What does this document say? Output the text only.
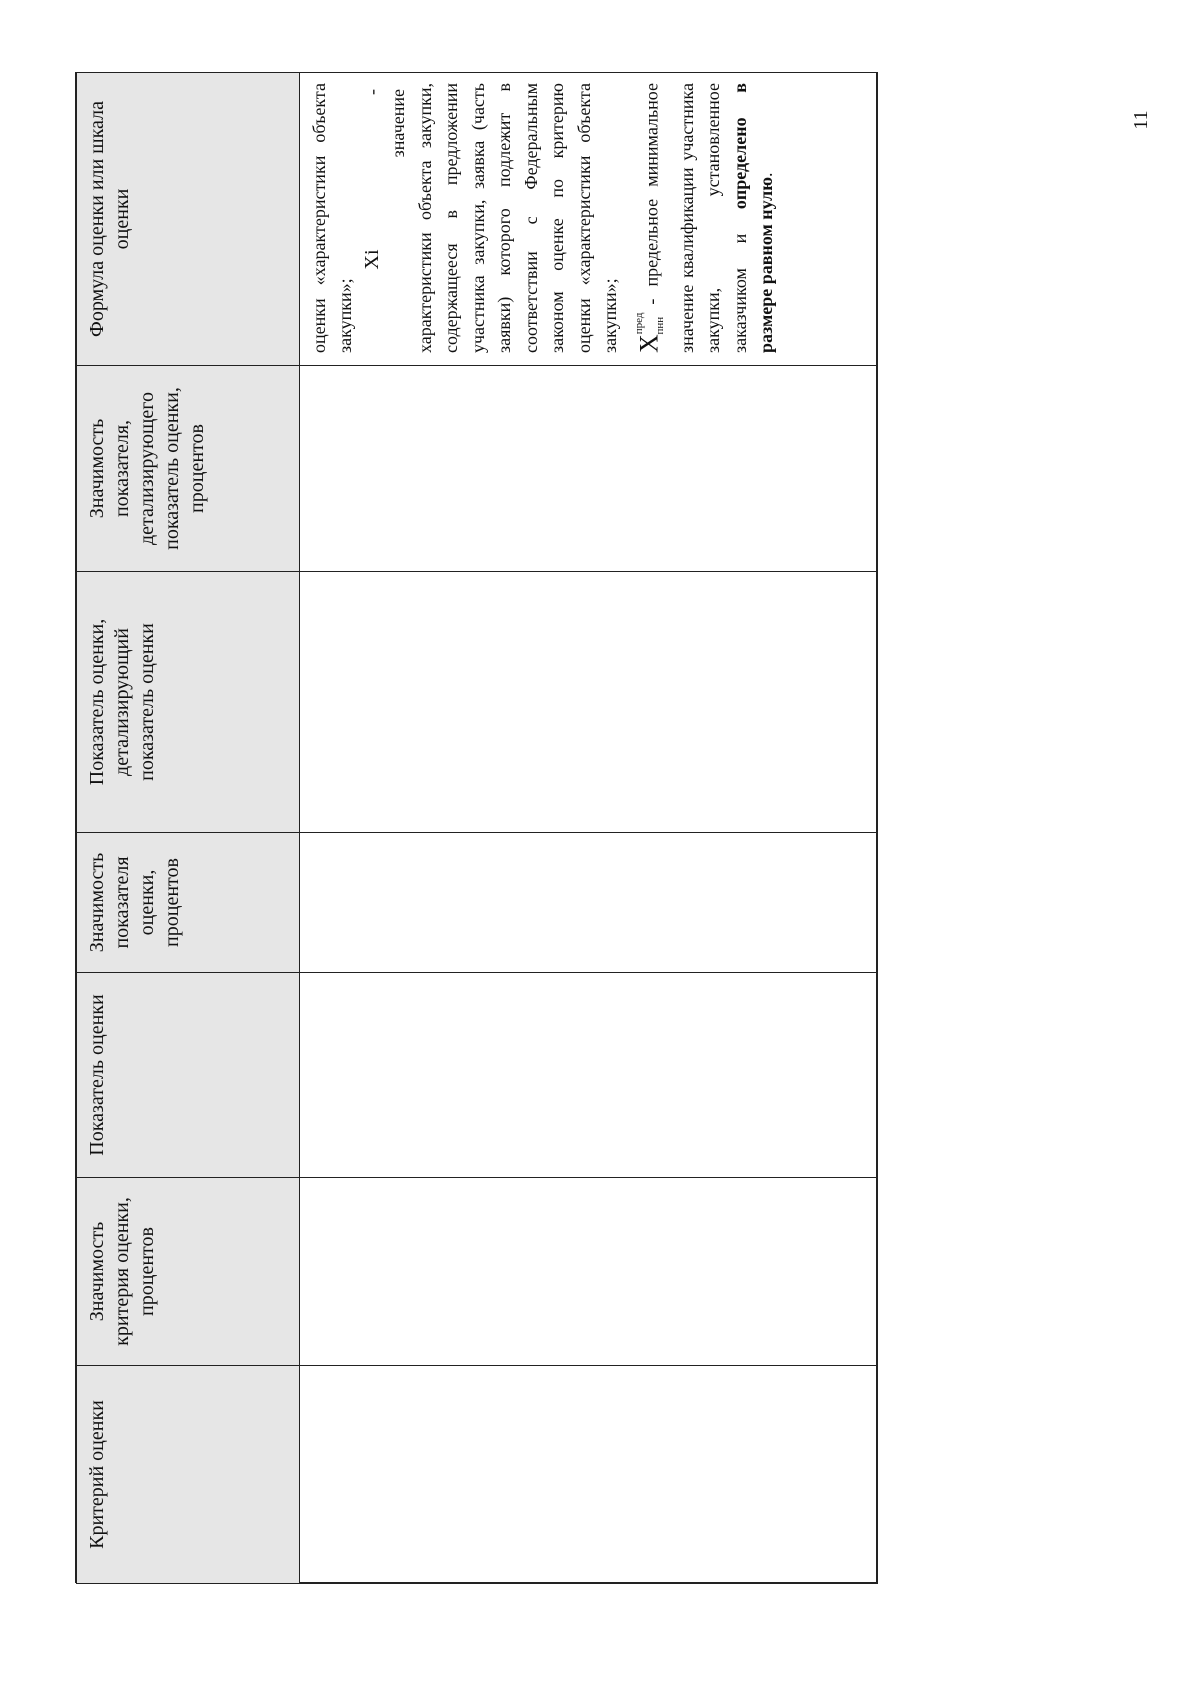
Критерий оценки	Значимость критерия оценки, процентов	Показатель оценки	Значимость показателя оценки, процентов	Показатель оценки, детализирующий показатель оценки	Значимость показателя, детализирующего показатель оценки, процентов	Формула оценки или шкала оценки

						оценки «характеристики объекта закупки»;

Xi - значение характеристики объекта закупки, содержащееся в предложении участника закупки, заявка (часть заявки) которого подлежит в соответствии с Федеральным законом оценке по критерию оценки «характеристики объекта закупки»; $X^{пред}$ $_{пнн}$ - предельное минимальное значение квалификации участника закупки, установленное заказчиком и определено в размере равном нулю.

11
